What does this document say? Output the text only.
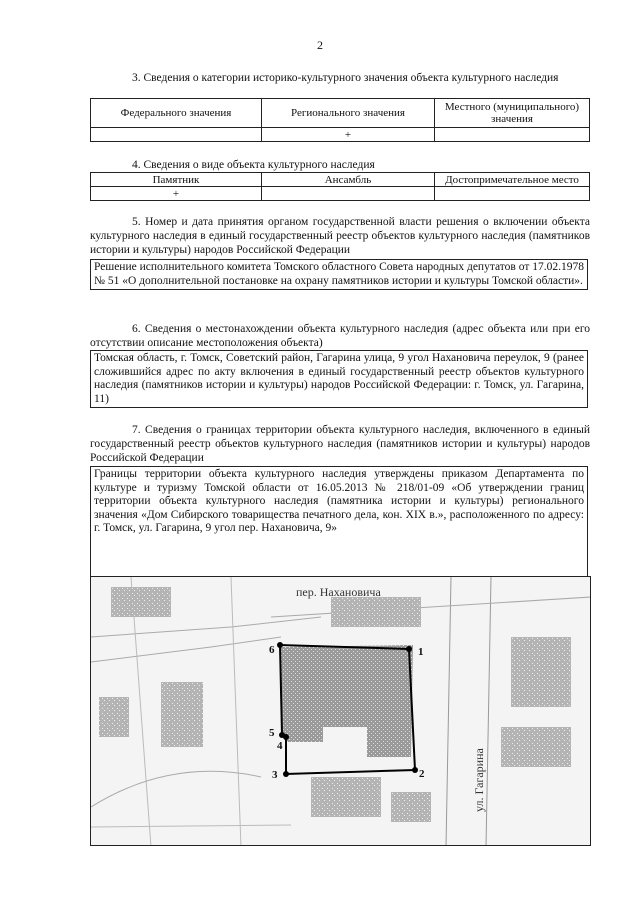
2
3. Сведения о категории историко-культурного значения объекта культурного наследия
Федерального значения	Регионального значения	Местного (муниципального) значения
	+	
4. Сведения о виде объекта культурного наследия
Памятник	Ансамбль	Достопримечательное место
+		
5. Номер и дата принятия органом государственной власти решения о включении объекта культурного наследия в единый государственный реестр объектов культурного наследия (памятников истории и культуры) народов Российской Федерации
Решение исполнительного комитета Томского областного Совета народных депутатов от 17.02.1978 № 51 «О дополнительной постановке на охрану памятников истории и культуры Томской области».
6. Сведения о местонахождении объекта культурного наследия (адрес объекта или при его отсутствии описание местоположения объекта)
Томская область, г. Томск, Советский район, Гагарина улица, 9 угол Нахановича переулок, 9 (ранее сложившийся адрес по акту включения в единый государственный реестр объектов культурного наследия (памятников истории и культуры) народов Российской Федерации: г. Томск, ул. Гагарина, 11)
7. Сведения о границах территории объекта культурного наследия, включенного в единый государственный реестр объектов культурного наследия (памятников истории и культуры) народов Российской Федерации
Границы территории объекта культурного наследия утверждены приказом Департамента по культуре и туризму Томской области от 16.05.2013 № 218/01-09 «Об утверждении границ территории объекта культурного наследия (памятника истории и культуры) регионального значения «Дом Сибирского товарищества печатного дела, кон. XIX в.», расположенного по адресу: г. Томск, ул. Гагарина, 9 угол пер. Нахановича, 9»
1
2
3
4
5
6
пер. Нахановича
ул. Гагарина
